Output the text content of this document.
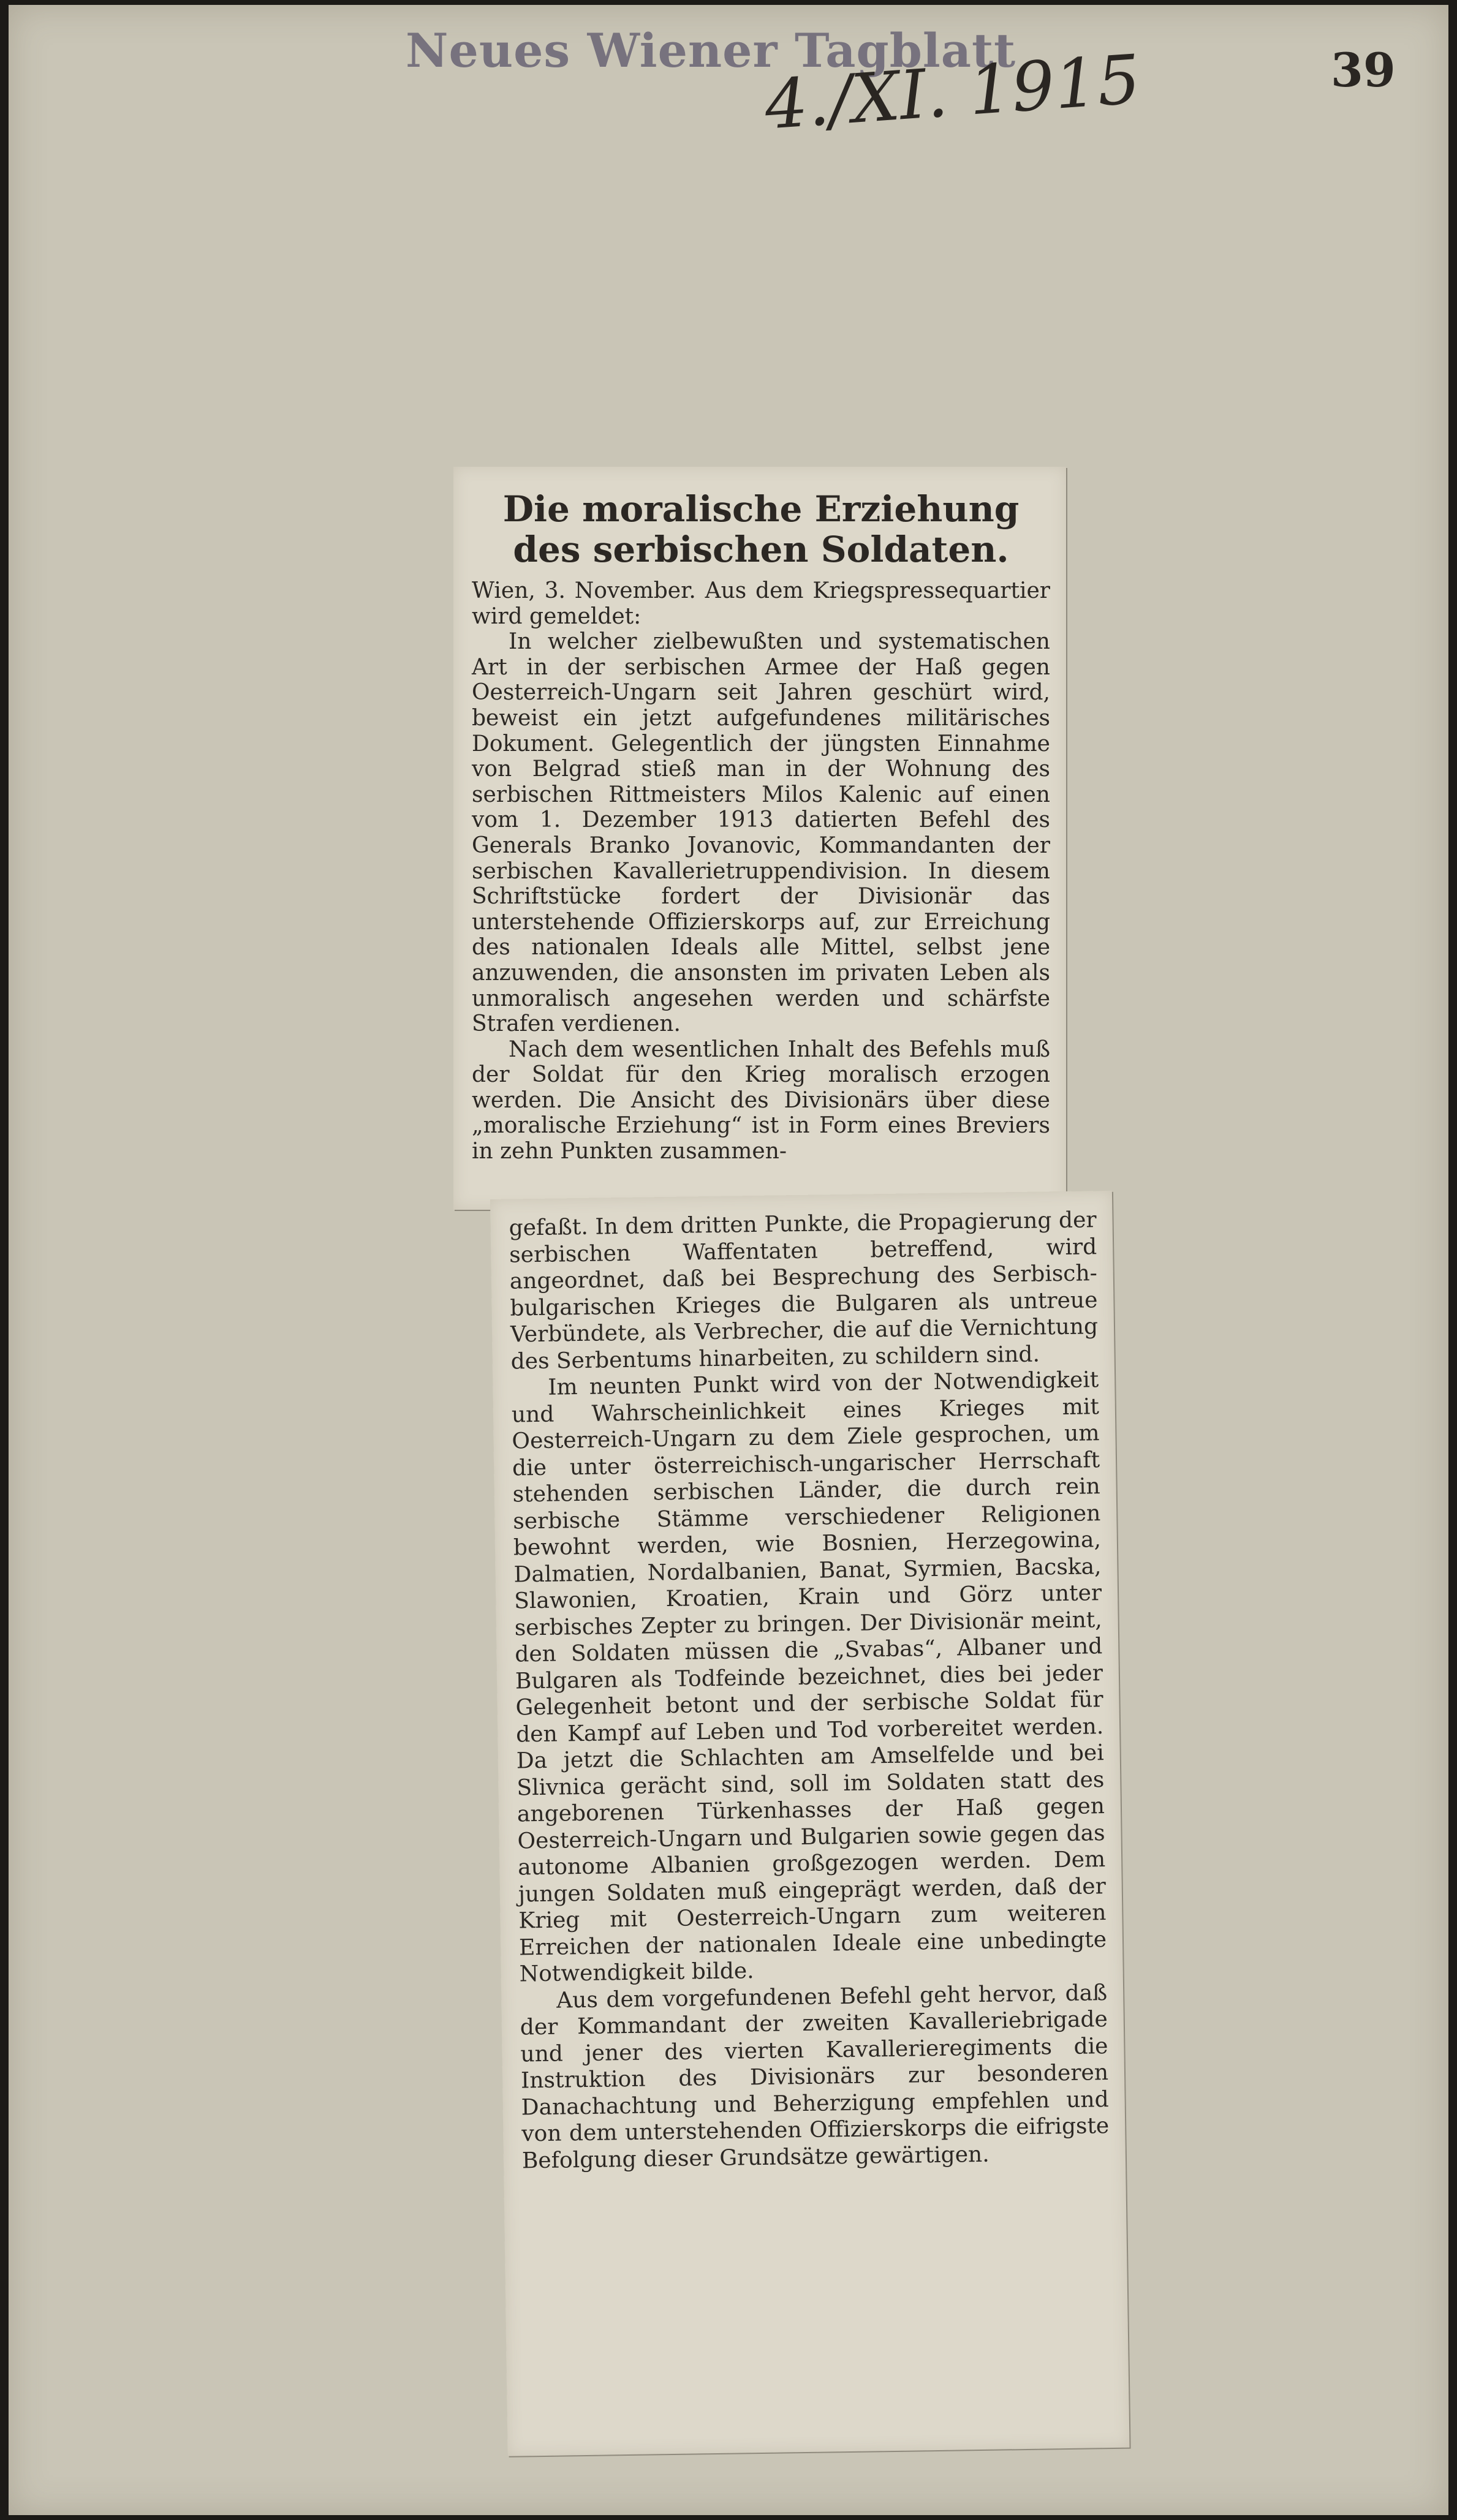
Neues Wiener Tagblatt
4./XI. 1915	39
Die moralische Erziehung des serbischen Soldaten.

Wien, 3. November. Aus dem Kriegspressequartier wird gemeldet:

In welcher zielbewußten und systematischen Art in der serbischen Armee der Haß gegen Oesterreich-Ungarn seit Jahren geschürt wird, beweist ein jetzt aufgefundenes militärisches Dokument. Gelegentlich der jüngsten Einnahme von Belgrad stieß man in der Wohnung des serbischen Rittmeisters Milos Kalenic auf einen vom 1. Dezember 1913 datierten Befehl des Generals Branko Jovanovic, Kommandanten der serbischen Kavallerietruppendivision. In diesem Schriftstücke fordert der Divisionär das unterstehende Offizierskorps auf, zur Erreichung des nationalen Ideals alle Mittel, selbst jene anzuwenden, die ansonsten im privaten Leben als unmoralisch angesehen werden und schärfste Strafen verdienen.

Nach dem wesentlichen Inhalt des Befehls muß der Soldat für den Krieg moralisch erzogen werden. Die Ansicht des Divisionärs über diese „moralische Erziehung“ ist in Form eines Breviers in zehn Punkten zusammen-

gefaßt. In dem dritten Punkte, die Propagierung der serbischen Waffentaten betreffend, wird angeordnet, daß bei Besprechung des Serbisch-bulgarischen Krieges die Bulgaren als untreue Verbündete, als Verbrecher, die auf die Vernichtung des Serbentums hinarbeiten, zu schildern sind.

Im neunten Punkt wird von der Notwendigkeit und Wahrscheinlichkeit eines Krieges mit Oesterreich-Ungarn zu dem Ziele gesprochen, um die unter österreichisch-ungarischer Herrschaft stehenden serbischen Länder, die durch rein serbische Stämme verschiedener Religionen bewohnt werden, wie Bosnien, Herzegowina, Dalmatien, Nordalbanien, Banat, Syrmien, Bacska, Slawonien, Kroatien, Krain und Görz unter serbisches Zepter zu bringen. Der Divisionär meint, den Soldaten müssen die „Svabas“, Albaner und Bulgaren als Todfeinde bezeichnet, dies bei jeder Gelegenheit betont und der serbische Soldat für den Kampf auf Leben und Tod vorbereitet werden. Da jetzt die Schlachten am Amselfelde und bei Slivnica gerächt sind, soll im Soldaten statt des angeborenen Türkenhasses der Haß gegen Oesterreich-Ungarn und Bulgarien sowie gegen das autonome Albanien großgezogen werden. Dem jungen Soldaten muß eingeprägt werden, daß der Krieg mit Oesterreich-Ungarn zum weiteren Erreichen der nationalen Ideale eine unbedingte Notwendigkeit bilde.

Aus dem vorgefundenen Befehl geht hervor, daß der Kommandant der zweiten Kavalleriebrigade und jener des vierten Kavallerieregiments die Instruktion des Divisionärs zur besonderen Danachachtung und Beherzigung empfehlen und von dem unterstehenden Offizierskorps die eifrigste Befolgung dieser Grundsätze gewärtigen.
